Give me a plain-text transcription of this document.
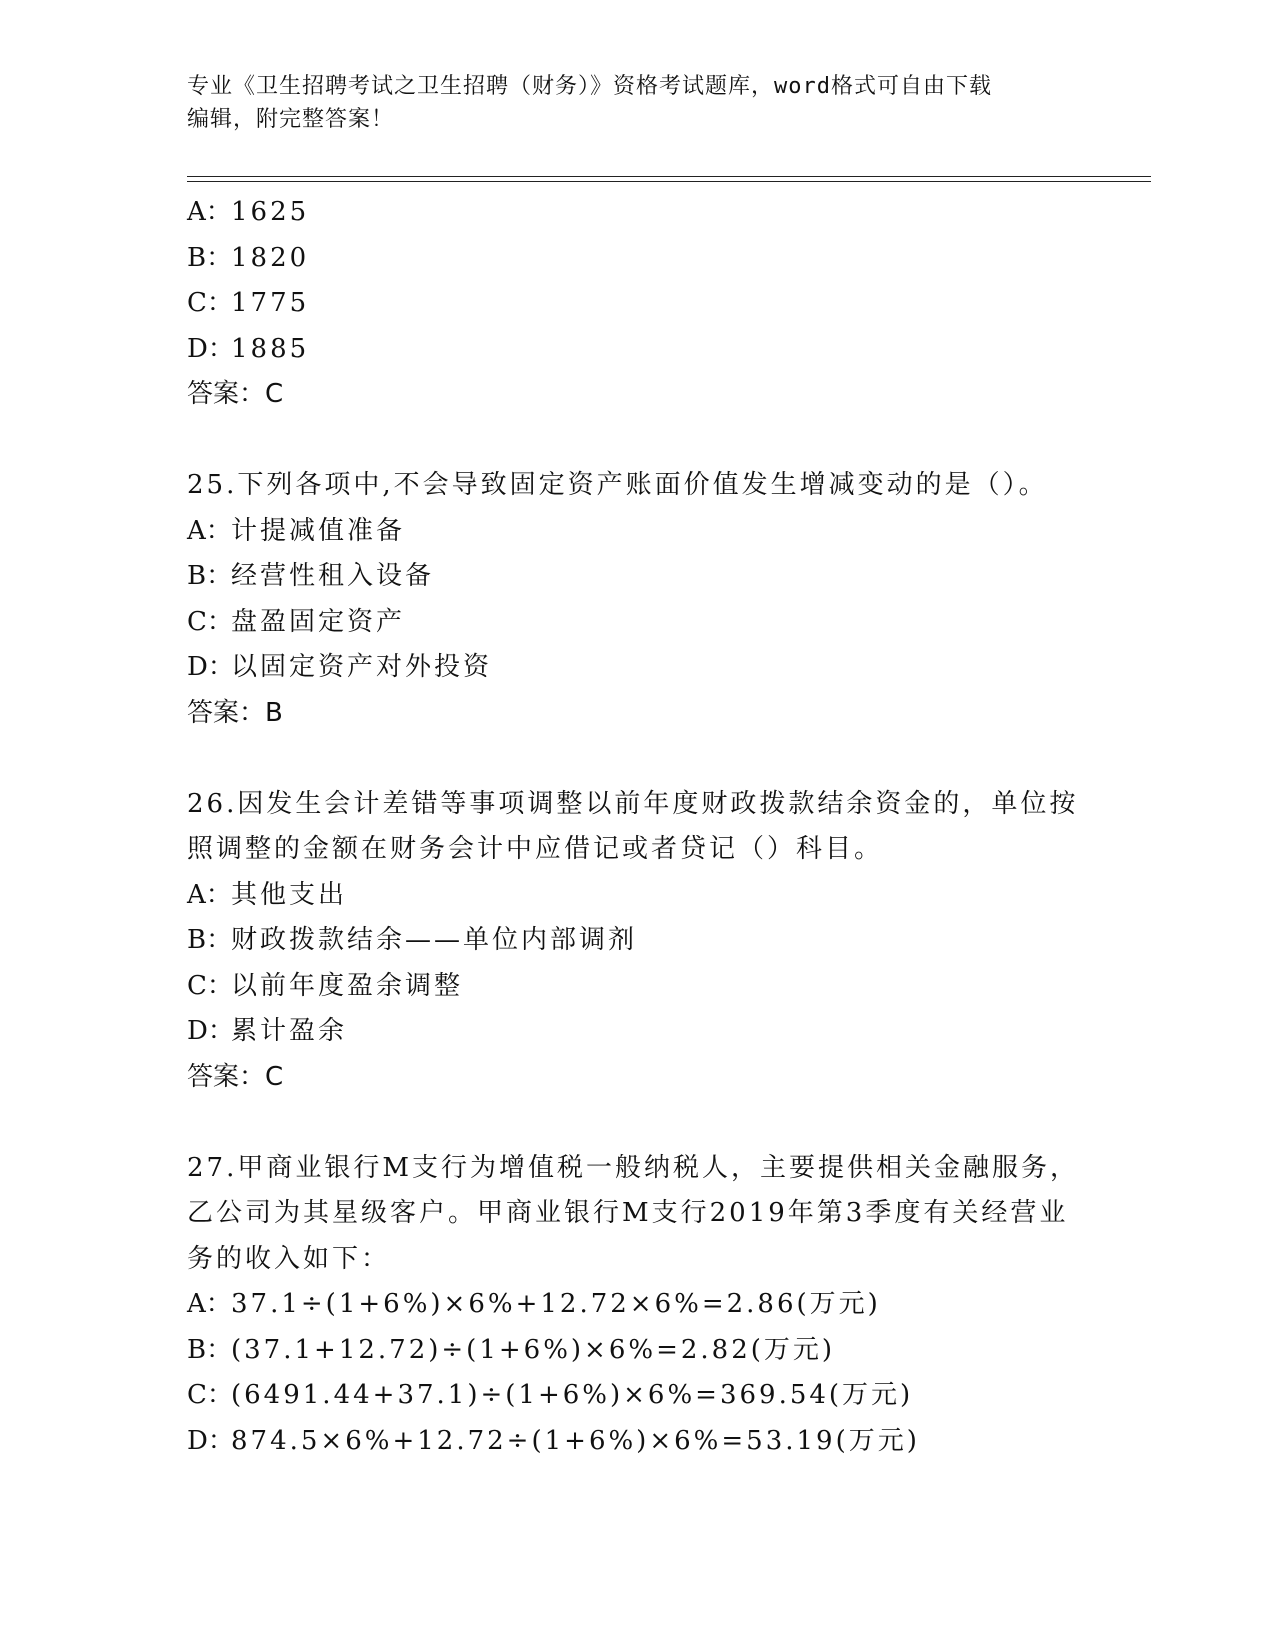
专业《卫生招聘考试之卫生招聘（财务）》资格考试题库，word格式可自由下载
编辑，附完整答案！
A：1625
B：1820
C：1775
D：1885
答案：C
25.下列各项中,不会导致固定资产账面价值发生增减变动的是（）。
A：计提减值准备
B：经营性租入设备
C：盘盈固定资产
D：以固定资产对外投资
答案：B
26.因发生会计差错等事项调整以前年度财政拨款结余资金的，单位按
照调整的金额在财务会计中应借记或者贷记（）科目。
A：其他支出
B：财政拨款结余——单位内部调剂
C：以前年度盈余调整
D：累计盈余
答案：C
27.甲商业银行M支行为增值税一般纳税人，主要提供相关金融服务，
乙公司为其星级客户。甲商业银行M支行2019年第3季度有关经营业
务的收入如下：
A：37.1÷(1+6%)×6%+12.72×6%=2.86(万元)
B：(37.1+12.72)÷(1+6%)×6%=2.82(万元)
C：(6491.44+37.1)÷(1+6%)×6%=369.54(万元)
D：874.5×6%+12.72÷(1+6%)×6%=53.19(万元)
